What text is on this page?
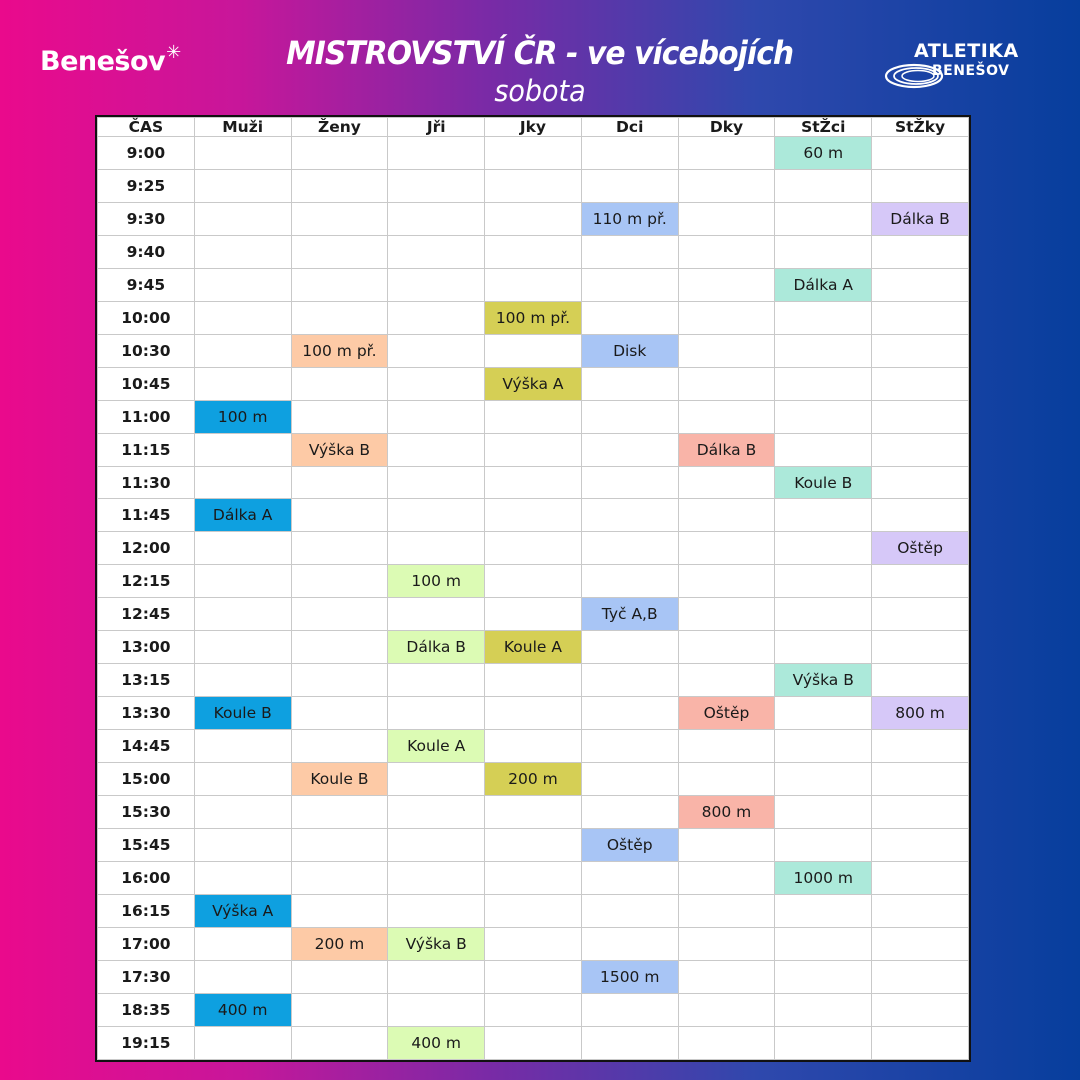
Benešov✳	MISTROVSTVÍ ČR - ve vícebojích
sobota
ATLETIKA
BENEŠOV
ČAS	Muži	Ženy	Jři	Jky	Dci	Dky	StŽci	StŽky
9:00							60 m	
9:25								
9:30					110 m př.			Dálka B
9:40								
9:45							Dálka A	
10:00				100 m př.				
10:30		100 m př.			Disk			
10:45				Výška A				
11:00	100 m							
11:15		Výška B				Dálka B		
11:30							Koule B	
11:45	Dálka A							
12:00								Oštěp
12:15			100 m					
12:45					Tyč A,B			
13:00			Dálka B	Koule A				
13:15							Výška B	
13:30	Koule B					Oštěp		800 m
14:45			Koule A					
15:00		Koule B		200 m				
15:30						800 m		
15:45					Oštěp			
16:00							1000 m	
16:15	Výška A							
17:00		200 m	Výška B					
17:30					1500 m			
18:35	400 m							
19:15			400 m					
